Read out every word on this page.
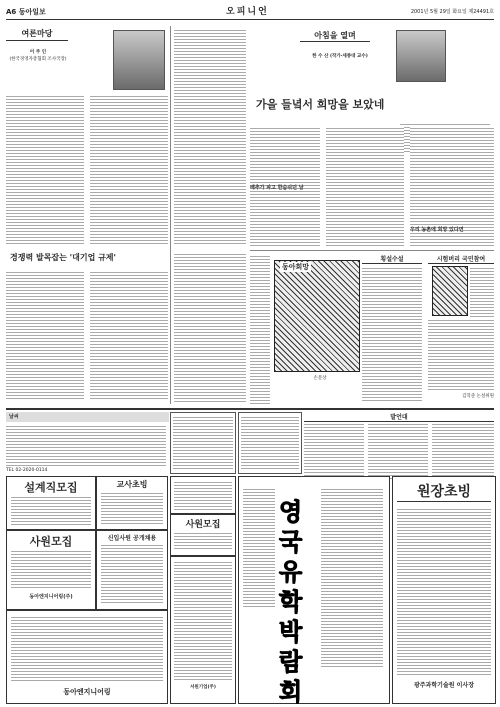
A6 동아일보	오피니언	2001년 5월 29일 화요일 제24491호
여론마당
이 주 인
(한국경영자총협회 조사국장)
경쟁력 발목잡는 '대기업 규제'
아침을 열며
한 수 산 (작가·세종대 교수)
가을 들녘서 희망을 보았네
배추가 파고 한숨쉬던 날
우리 농촌에 희망 있다면
동아희망
손문상
횡설수설	시험버리 국민참여
김학준 논설위원
날씨
TEL 02-2020-0114
발언대
설계직모집	교사초빙
사원모집
동아엔지니어링(주)
신입사원 공개채용
동아엔지니어링
사원모집
서원기업(주)
영국유학박람회
원장초빙
광주과학기술원 이사장
